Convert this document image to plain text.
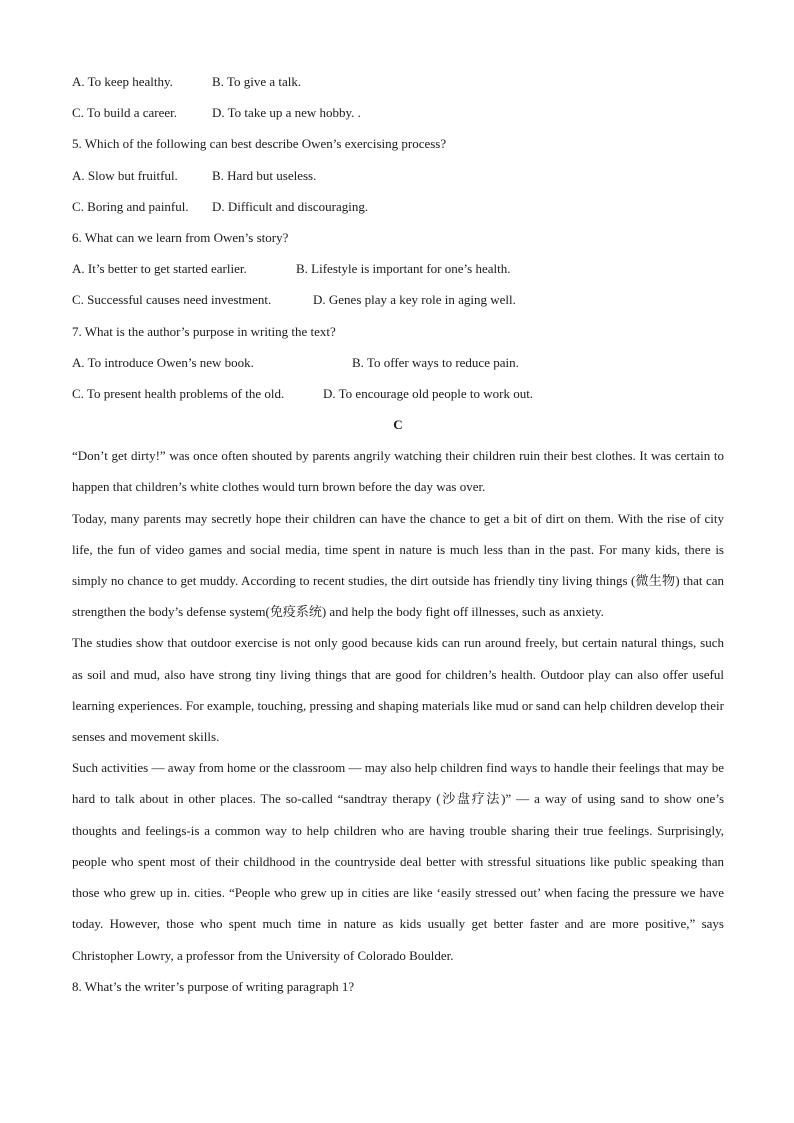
A. To keep healthy.	B. To give a talk.
C. To build a career.	D. To take up a new hobby. .
5. Which of the following can best describe Owen’s exercising process?
A. Slow but fruitful.	B. Hard but useless.
C. Boring and painful. D. Difficult and discouraging.
6. What can we learn from Owen’s story?
A. It’s better to get started earlier.	B. Lifestyle is important for one’s health.
C. Successful causes need investment.	D. Genes play a key role in aging well.
7. What is the author’s purpose in writing the text?
A. To introduce Owen’s new book.	B. To offer ways to reduce pain.
C. To present health problems of the old.	D. To encourage old people to work out.
C

“Don’t get dirty!” was once often shouted by parents angrily watching their children ruin their best clothes. It was certain to happen that children’s white clothes would turn brown before the day was over.

Today, many parents may secretly hope their children can have the chance to get a bit of dirt on them. With the rise of city life, the fun of video games and social media, time spent in nature is much less than in the past. For many kids, there is simply no chance to get muddy. According to recent studies, the dirt outside has friendly tiny living things (微生物) that can strengthen the body’s defense system(免疫系统) and help the body fight off illnesses, such as anxiety.

The studies show that outdoor exercise is not only good because kids can run around freely, but certain natural things, such as soil and mud, also have strong tiny living things that are good for children’s health. Outdoor play can also offer useful learning experiences. For example, touching, pressing and shaping materials like mud or sand can help children develop their senses and movement skills.

Such activities — away from home or the classroom — may also help children find ways to handle their feelings that may be hard to talk about in other places. The so-called “sandtray therapy (沙盘疗法)” — a way of using sand to show one’s thoughts and feelings-is a common way to help children who are having trouble sharing their true feelings. Surprisingly, people who spent most of their childhood in the countryside deal better with stressful situations like public speaking than those who grew up in. cities. “People who grew up in cities are like ‘easily stressed out’ when facing the pressure we have today. However, those who spent much time in nature as kids usually get better faster and are more positive,” says Christopher Lowry, a professor from the University of Colorado Boulder.

8. What’s the writer’s purpose of writing paragraph 1?
